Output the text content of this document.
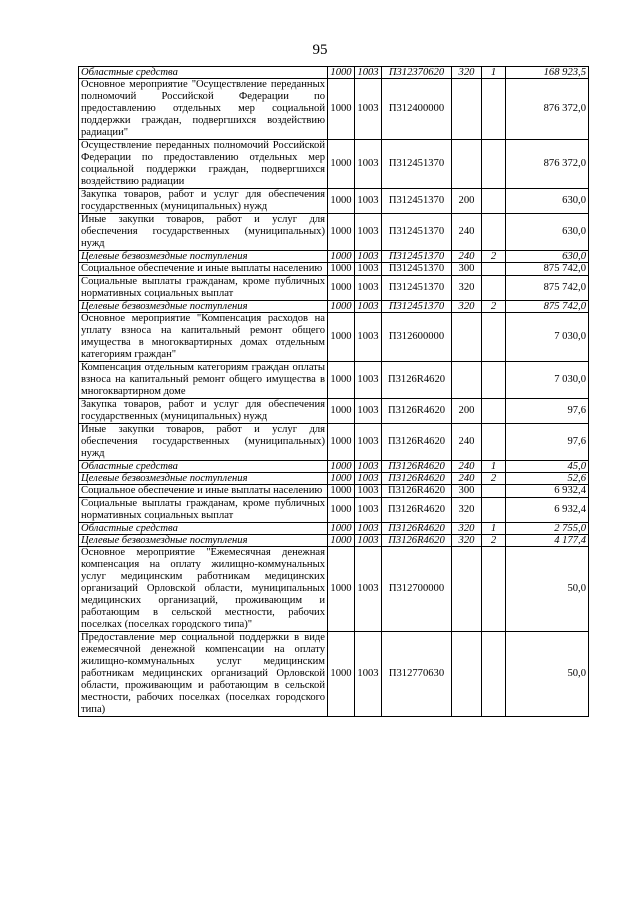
95
Областные средства	1000	1003	П312370620	320	1	168 923,5
Основное мероприятие "Осуществление переданных полномочий Российской Федерации по предоставлению отдельных мер социальной поддержки граждан, подвергшихся воздействию радиации"	1000	1003	П312400000			876 372,0
Осуществление переданных полномочий Российской Федерации по предоставлению отдельных мер социальной поддержки граждан, подвергшихся воздействию радиации	1000	1003	П312451370			876 372,0
Закупка товаров, работ и услуг для обеспечения государственных (муниципальных) нужд	1000	1003	П312451370	200		630,0
Иные закупки товаров, работ и услуг для обеспечения государственных (муниципальных) нужд	1000	1003	П312451370	240		630,0
Целевые безвозмездные поступления	1000	1003	П312451370	240	2	630,0
Социальное обеспечение и иные выплаты населению	1000	1003	П312451370	300		875 742,0
Социальные выплаты гражданам, кроме публичных нормативных социальных выплат	1000	1003	П312451370	320		875 742,0
Целевые безвозмездные поступления	1000	1003	П312451370	320	2	875 742,0
Основное мероприятие "Компенсация расходов на уплату взноса на капитальный ремонт общего имущества в многоквартирных домах отдельным категориям граждан"	1000	1003	П312600000			7 030,0
Компенсация отдельным категориям граждан оплаты взноса на капитальный ремонт общего имущества в многоквартирном доме	1000	1003	П3126R4620			7 030,0
Закупка товаров, работ и услуг для обеспечения государственных (муниципальных) нужд	1000	1003	П3126R4620	200		97,6
Иные закупки товаров, работ и услуг для обеспечения государственных (муниципальных) нужд	1000	1003	П3126R4620	240		97,6
Областные средства	1000	1003	П3126R4620	240	1	45,0
Целевые безвозмездные поступления	1000	1003	П3126R4620	240	2	52,6
Социальное обеспечение и иные выплаты населению	1000	1003	П3126R4620	300		6 932,4
Социальные выплаты гражданам, кроме публичных нормативных социальных выплат	1000	1003	П3126R4620	320		6 932,4
Областные средства	1000	1003	П3126R4620	320	1	2 755,0
Целевые безвозмездные поступления	1000	1003	П3126R4620	320	2	4 177,4
Основное мероприятие "Ежемесячная денежная компенсация на оплату жилищно-коммунальных услуг медицинским работникам медицинских организаций Орловской области, муниципальных медицинских организаций, проживающим и работающим в сельской местности, рабочих поселках (поселках городского типа)"	1000	1003	П312700000			50,0
Предоставление мер социальной поддержки в виде ежемесячной денежной компенсации на оплату жилищно-коммунальных услуг медицинским работникам медицинских организаций Орловской области, проживающим и работающим в сельской местности, рабочих поселках (поселках городского типа)	1000	1003	П312770630			50,0
